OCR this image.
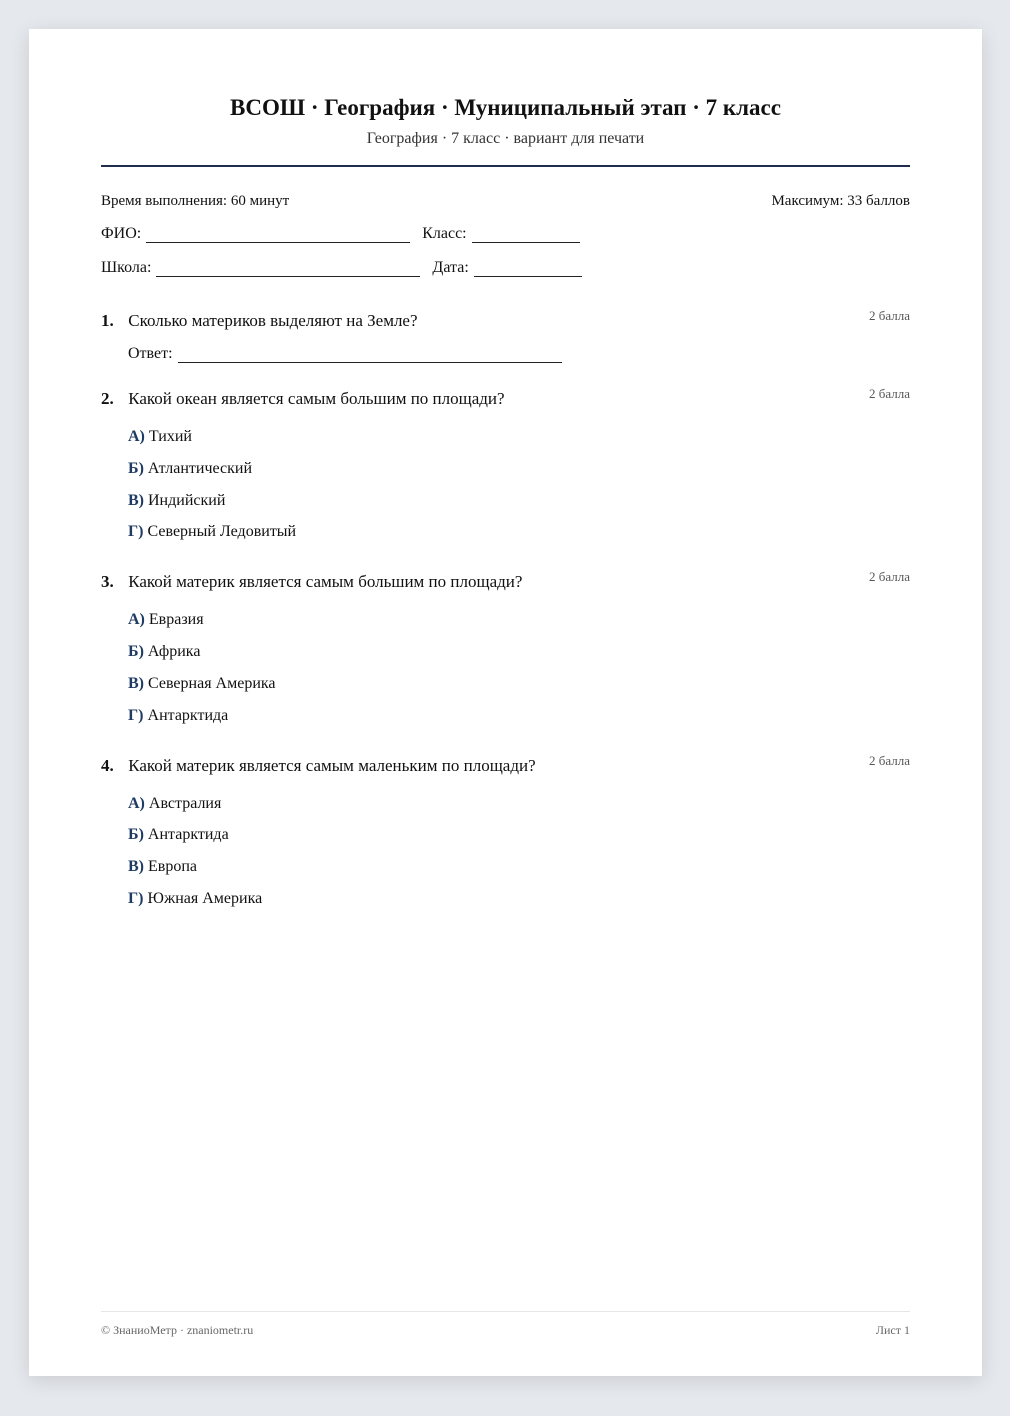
ВСОШ · География · Муниципальный этап · 7 класс
География · 7 класс · вариант для печати
Время выполнения: 60 минут	Максимум: 33 баллов
ФИО:	Класс:
Школа:	Дата:
1. Сколько материков выделяют на Земле?	2 балла
Ответ:
2. Какой океан является самым большим по площади?	2 балла
А) Тихий
Б) Атлантический
В) Индийский
Г) Северный Ледовитый
3. Какой материк является самым большим по площади?	2 балла
А) Евразия
Б) Африка
В) Северная Америка
Г) Антарктида
4. Какой материк является самым маленьким по площади?	2 балла
А) Австралия
Б) Антарктида
В) Европа
Г) Южная Америка
© ЗнаниоМетр · znaniometr.ru	Лист 1
